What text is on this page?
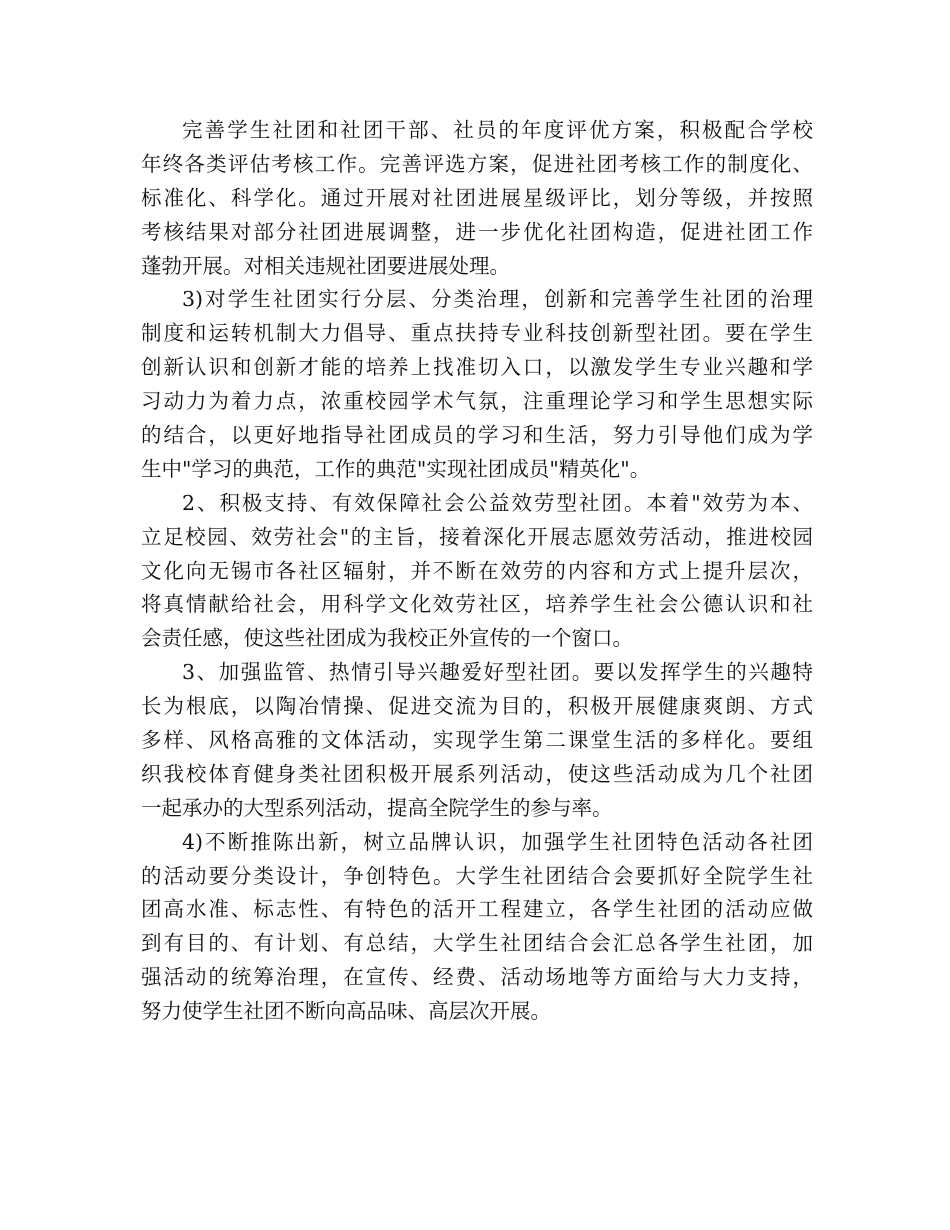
完善学生社团和社团干部、社员的年度评优方案，积极配合学校
年终各类评估考核工作。完善评选方案，促进社团考核工作的制度化、
标准化、科学化。通过开展对社团进展星级评比，划分等级，并按照
考核结果对部分社团进展调整，进一步优化社团构造，促进社团工作
蓬勃开展。对相关违规社团要进展处理。
3)对学生社团实行分层、分类治理，创新和完善学生社团的治理
制度和运转机制大力倡导、重点扶持专业科技创新型社团。要在学生
创新认识和创新才能的培养上找准切入口，以激发学生专业兴趣和学
习动力为着力点，浓重校园学术气氛，注重理论学习和学生思想实际
的结合，以更好地指导社团成员的学习和生活，努力引导他们成为学
生中"学习的典范，工作的典范"实现社团成员"精英化"。
2、积极支持、有效保障社会公益效劳型社团。本着"效劳为本、
立足校园、效劳社会"的主旨，接着深化开展志愿效劳活动，推进校园
文化向无锡市各社区辐射，并不断在效劳的内容和方式上提升层次，
将真情献给社会，用科学文化效劳社区，培养学生社会公德认识和社
会责任感，使这些社团成为我校正外宣传的一个窗口。
3、加强监管、热情引导兴趣爱好型社团。要以发挥学生的兴趣特
长为根底，以陶冶情操、促进交流为目的，积极开展健康爽朗、方式
多样、风格高雅的文体活动，实现学生第二课堂生活的多样化。要组
织我校体育健身类社团积极开展系列活动，使这些活动成为几个社团
一起承办的大型系列活动，提高全院学生的参与率。
4)不断推陈出新，树立品牌认识，加强学生社团特色活动各社团
的活动要分类设计，争创特色。大学生社团结合会要抓好全院学生社
团高水准、标志性、有特色的活开工程建立，各学生社团的活动应做
到有目的、有计划、有总结，大学生社团结合会汇总各学生社团，加
强活动的统筹治理，在宣传、经费、活动场地等方面给与大力支持，
努力使学生社团不断向高品味、高层次开展。
